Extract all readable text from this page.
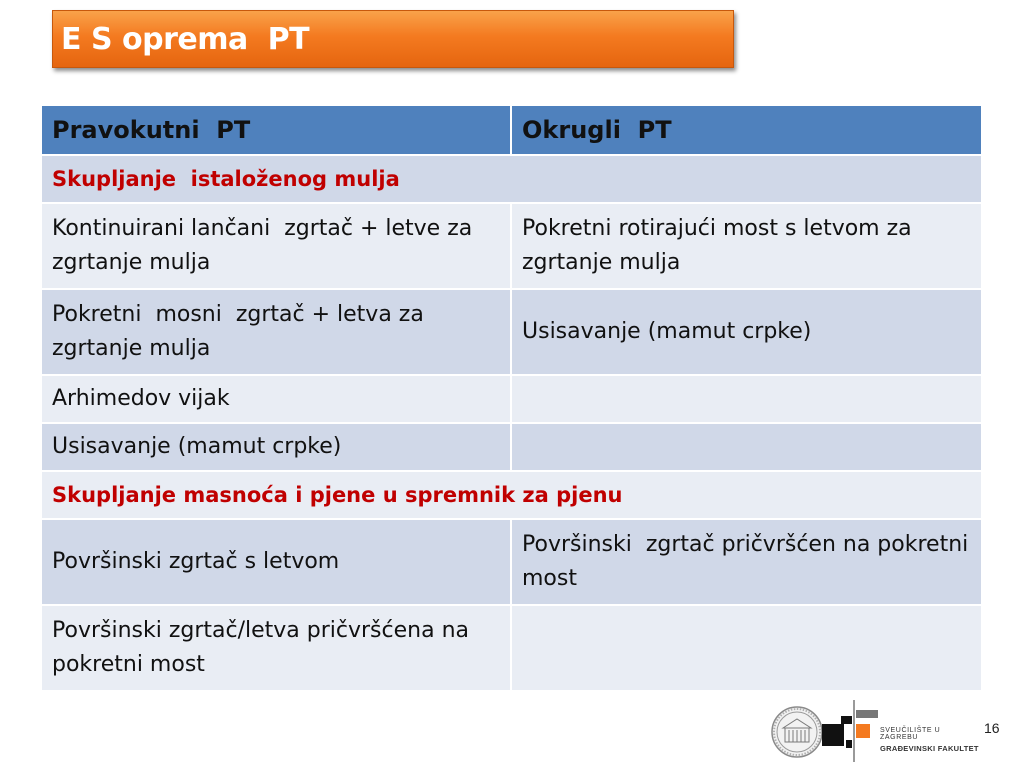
E S oprema  PT
Pravokutni  PT	Okrugli  PT
Skupljanje  istaloženog mulja	
Kontinuirani lančani  zgrtač + letve za zgrtanje mulja	Pokretni rotirajući most s letvom za zgrtanje mulja
Pokretni  mosni  zgrtač + letva za zgrtanje mulja	Usisavanje (mamut crpke)
Arhimedov vijak	
Usisavanje (mamut crpke)	
Skupljanje masnoća i pjene u spremnik za pjenu	
Površinski zgrtač s letvom	Površinski  zgrtač pričvršćen na pokretni most
Površinski zgrtač/letva pričvršćena na pokretni most	
SVEUČILIŠTE U ZAGREBU
GRAĐEVINSKI FAKULTET
16
